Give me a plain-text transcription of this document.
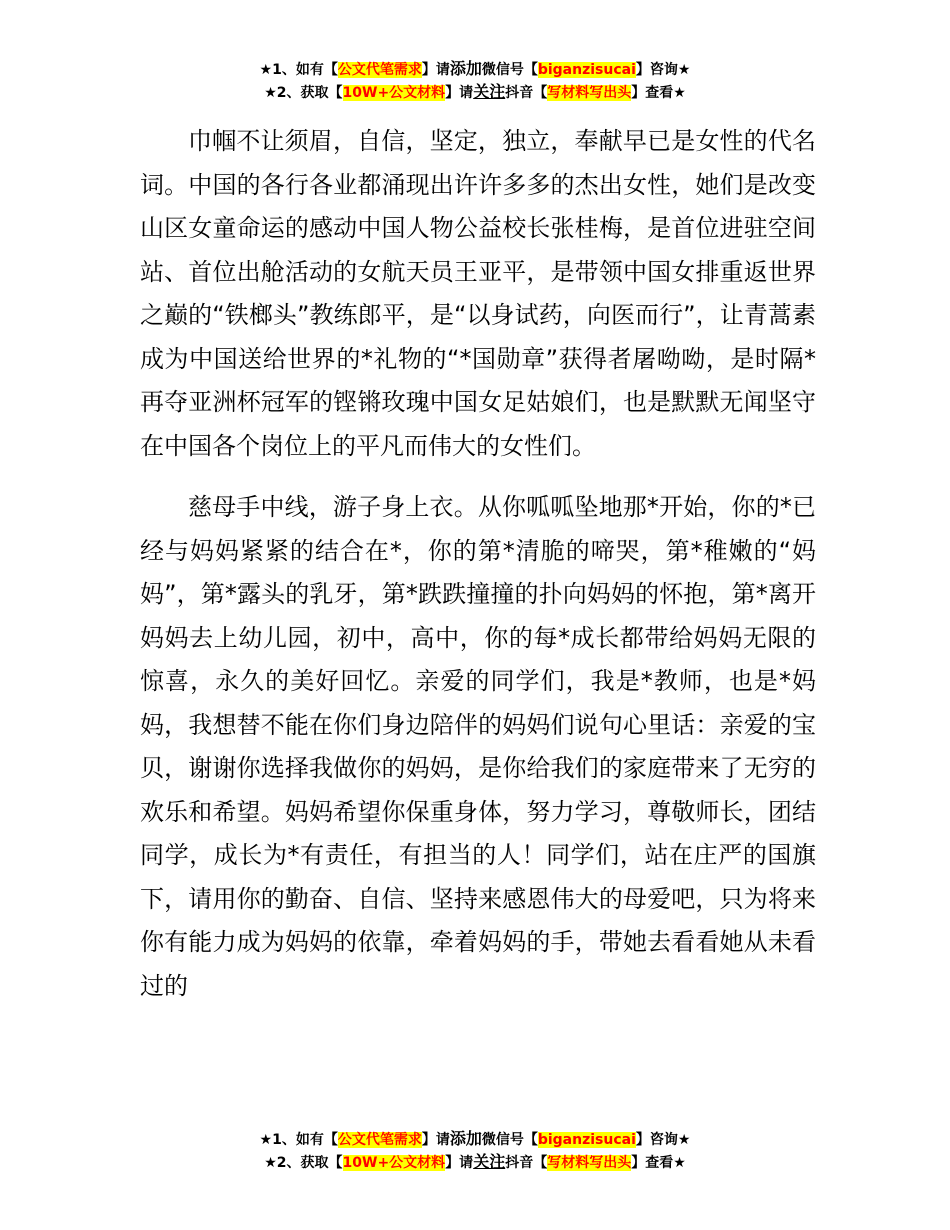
★1、如有【公文代笔需求】请添加微信号【biganzisucai】咨询★
★2、获取【10W+公文材料】请关注抖音【写材料写出头】查看★

巾帼不让须眉，自信，坚定，独立，奉献早已是女性的代名词。中国的各行各业都涌现出许许多多的杰出女性，她们是改变山区女童命运的感动中国人物公益校长张桂梅，是首位进驻空间站、首位出舱活动的女航天员王亚平，是带领中国女排重返世界之巅的“铁榔头”教练郎平，是“以身试药，向医而行”，让青蒿素成为中国送给世界的*礼物的“*国勋章”获得者屠呦呦，是时隔*再夺亚洲杯冠军的铿锵玫瑰中国女足姑娘们，也是默默无闻坚守在中国各个岗位上的平凡而伟大的女性们。

慈母手中线，游子身上衣。从你呱呱坠地那*开始，你的*已经与妈妈紧紧的结合在*，你的第*清脆的啼哭，第*稚嫩的“妈妈”，第*露头的乳牙，第*跌跌撞撞的扑向妈妈的怀抱，第*离开妈妈去上幼儿园，初中，高中，你的每*成长都带给妈妈无限的惊喜，永久的美好回忆。亲爱的同学们，我是*教师，也是*妈妈，我想替不能在你们身边陪伴的妈妈们说句心里话：亲爱的宝贝，谢谢你选择我做你的妈妈，是你给我们的家庭带来了无穷的欢乐和希望。妈妈希望你保重身体，努力学习，尊敬师长，团结同学，成长为*有责任，有担当的人！同学们，站在庄严的国旗下，请用你的勤奋、自信、坚持来感恩伟大的母爱吧，只为将来你有能力成为妈妈的依靠，牵着妈妈的手，带她去看看她从未看过的

★1、如有【公文代笔需求】请添加微信号【biganzisucai】咨询★
★2、获取【10W+公文材料】请关注抖音【写材料写出头】查看★
